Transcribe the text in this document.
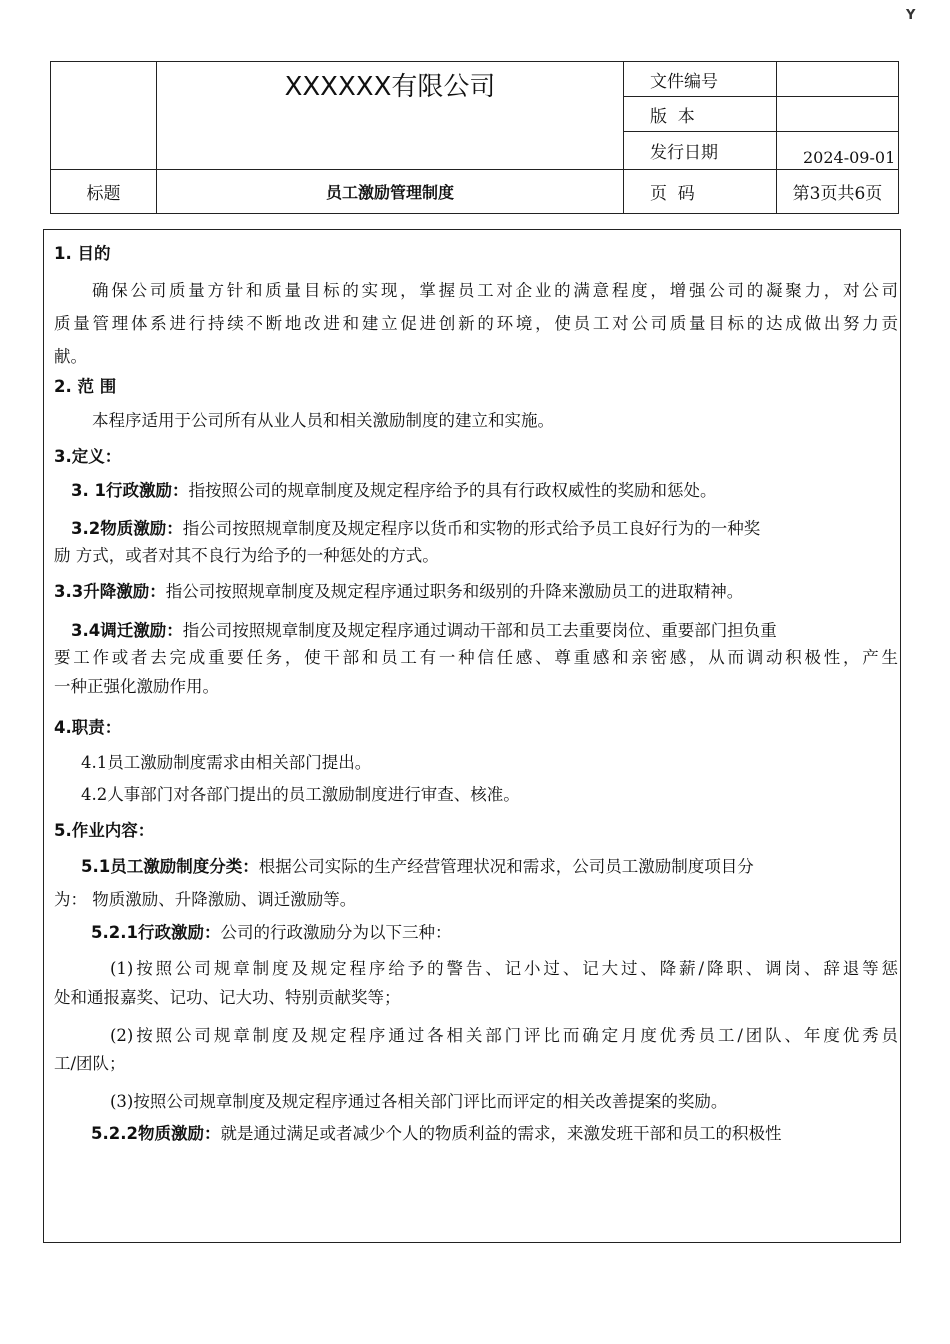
Y

	XXXXXX有限公司	文件编号	
		版  本	
		发行日期	2024-09-01

标题	员工激励管理制度	页  码	第3页共6页
1. 目的
确保公司质量方针和质量目标的实现，掌握员工对企业的满意程度，增强公司的凝聚力，对公司
质量管理体系进行持续不断地改进和建立促进创新的环境，使员工对公司质量目标的达成做出努力贡
献。
2. 范 围
本程序适用于公司所有从业人员和相关激励制度的建立和实施。
3.定义：
3. 1行政激励：指按照公司的规章制度及规定程序给予的具有行政权威性的奖励和惩处。
3.2物质激励：指公司按照规章制度及规定程序以货币和实物的形式给予员工良好行为的一种奖
励 方式，或者对其不良行为给予的一种惩处的方式。
3.3升降激励：指公司按照规章制度及规定程序通过职务和级别的升降来激励员工的进取精神。
3.4调迁激励：指公司按照规章制度及规定程序通过调动干部和员工去重要岗位、重要部门担负重
要工作或者去完成重要任务，使干部和员工有一种信任感、尊重感和亲密感，从而调动积极性，产生
一种正强化激励作用。
4.职责：
4.1员工激励制度需求由相关部门提出。
4.2人事部门对各部门提出的员工激励制度进行审查、核准。
5.作业内容：
5.1员工激励制度分类：根据公司实际的生产经营管理状况和需求，公司员工激励制度项目分
为： 物质激励、升降激励、调迁激励等。
5.2.1行政激励：公司的行政激励分为以下三种：
(1)按照公司规章制度及规定程序给予的警告、记小过、记大过、降薪/降职、调岗、辞退等惩
处和通报嘉奖、记功、记大功、特别贡献奖等；
(2)按照公司规章制度及规定程序通过各相关部门评比而确定月度优秀员工/团队、年度优秀员
工/团队；
(3)按照公司规章制度及规定程序通过各相关部门评比而评定的相关改善提案的奖励。
5.2.2物质激励：就是通过满足或者减少个人的物质利益的需求，来激发班干部和员工的积极性
